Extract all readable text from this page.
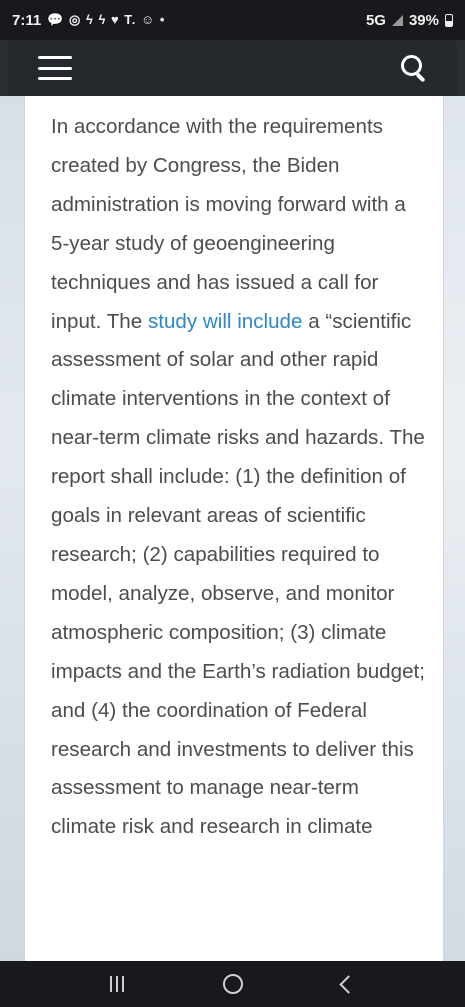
7:11 💬 ◎ ϟ ϟ ♥ T. ☺ •	5G 39%

In accordance with the requirements created by Congress, the Biden administration is moving forward with a 5-year study of geoengineering techniques and has issued a call for input. The study will include a “scientific assessment of solar and other rapid climate interventions in the context of near-term climate risks and hazards. The report shall include: (1) the definition of goals in relevant areas of scientific research; (2) capabilities required to model, analyze, observe, and monitor atmospheric composition; (3) climate impacts and the Earth’s radiation budget; and (4) the coordination of Federal research and investments to deliver this assessment to manage near-term climate risk and research in climate
